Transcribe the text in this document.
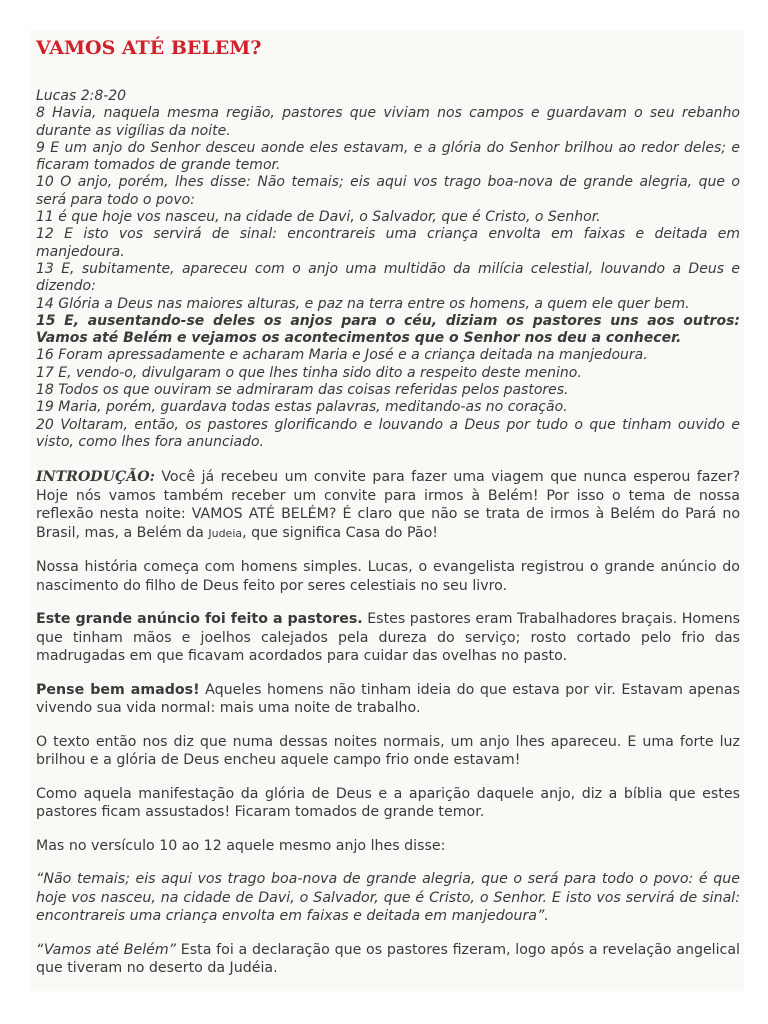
VAMOS ATÉ BELEM?

Lucas 2:8-20

8 Havia, naquela mesma região, pastores que viviam nos campos e guardavam o seu rebanho durante as vigílias da noite.

9 E um anjo do Senhor desceu aonde eles estavam, e a glória do Senhor brilhou ao redor deles; e ficaram tomados de grande temor.

10 O anjo, porém, lhes disse: Não temais; eis aqui vos trago boa-nova de grande alegria, que o será para todo o povo:

11 é que hoje vos nasceu, na cidade de Davi, o Salvador, que é Cristo, o Senhor.

12 E isto vos servirá de sinal: encontrareis uma criança envolta em faixas e deitada em manjedoura.

13 E, subitamente, apareceu com o anjo uma multidão da milícia celestial, louvando a Deus e dizendo:

14 Glória a Deus nas maiores alturas, e paz na terra entre os homens, a quem ele quer bem.

15 E, ausentando-se deles os anjos para o céu, diziam os pastores uns aos outros: Vamos até Belém e vejamos os acontecimentos que o Senhor nos deu a conhecer.

16 Foram apressadamente e acharam Maria e José e a criança deitada na manjedoura.

17 E, vendo-o, divulgaram o que lhes tinha sido dito a respeito deste menino.

18 Todos os que ouviram se admiraram das coisas referidas pelos pastores.

19 Maria, porém, guardava todas estas palavras, meditando-as no coração.

20 Voltaram, então, os pastores glorificando e louvando a Deus por tudo o que tinham ouvido e visto, como lhes fora anunciado.

INTRODUÇÃO: Você já recebeu um convite para fazer uma viagem que nunca esperou fazer? Hoje nós vamos também receber um convite para irmos à Belém! Por isso o tema de nossa reflexão nesta noite: VAMOS ATÉ BELÉM? É claro que não se trata de irmos à Belém do Pará no Brasil, mas, a Belém da Judeia, que significa Casa do Pão!

Nossa história começa com homens simples. Lucas, o evangelista registrou o grande anúncio do nascimento do filho de Deus feito por seres celestiais no seu livro.

Este grande anúncio foi feito a pastores. Estes pastores eram Trabalhadores braçais. Homens que tinham mãos e joelhos calejados pela dureza do serviço; rosto cortado pelo frio das madrugadas em que ficavam acordados para cuidar das ovelhas no pasto.

Pense bem amados! Aqueles homens não tinham ideia do que estava por vir. Estavam apenas vivendo sua vida normal: mais uma noite de trabalho.

O texto então nos diz que numa dessas noites normais, um anjo lhes apareceu. E uma forte luz brilhou e a glória de Deus encheu aquele campo frio onde estavam!

Como aquela manifestação da glória de Deus e a aparição daquele anjo, diz a bíblia que estes pastores ficam assustados! Ficaram tomados de grande temor.

Mas no versículo 10 ao 12 aquele mesmo anjo lhes disse:

“Não temais; eis aqui vos trago boa-nova de grande alegria, que o será para todo o povo: é que hoje vos nasceu, na cidade de Davi, o Salvador, que é Cristo, o Senhor. E isto vos servirá de sinal: encontrareis uma criança envolta em faixas e deitada em manjedoura”.

“Vamos até Belém” Esta foi a declaração que os pastores fizeram, logo após a revelação angelical que tiveram no deserto da Judéia.
